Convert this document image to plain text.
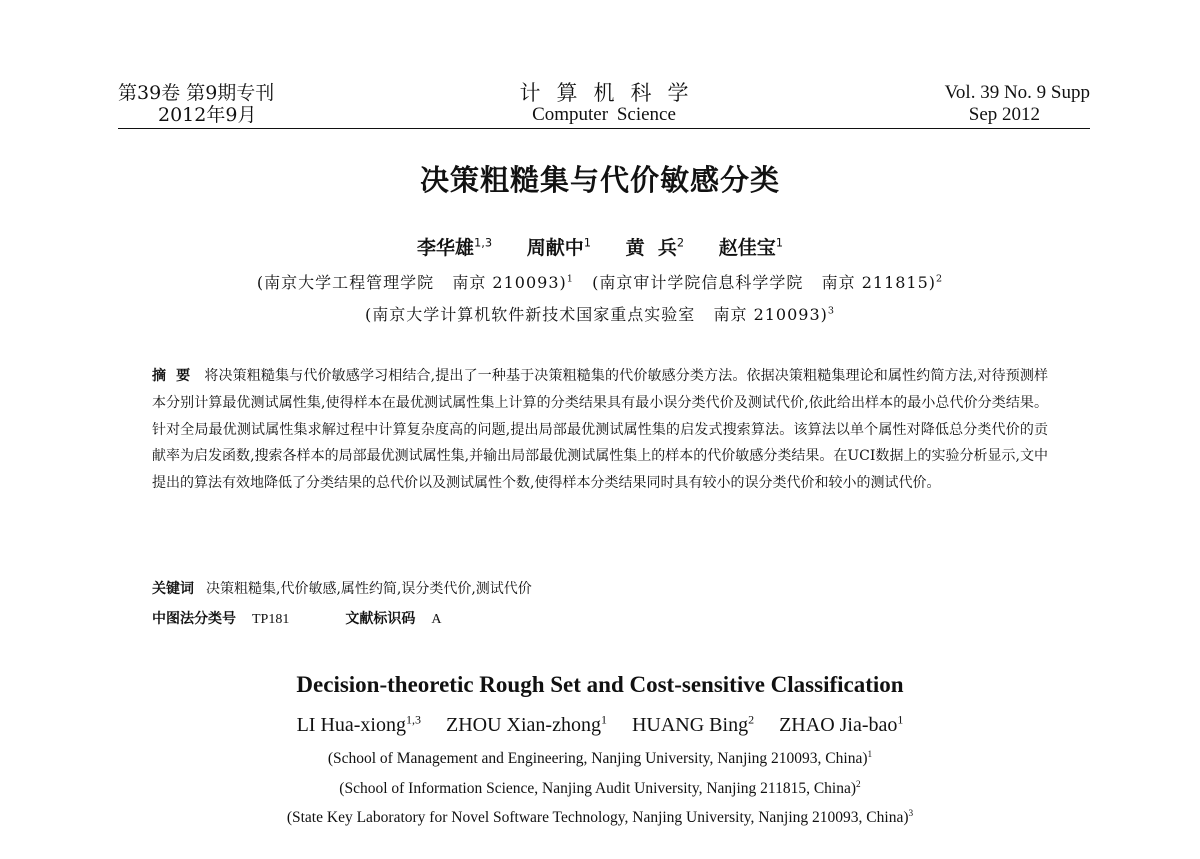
第39卷 第9期专刊
2012年9月
计算机科学
Computer Science
Vol. 39 No. 9 Supp
Sep 2012
决策粗糙集与代价敏感分类
李华雄$^{1,3}$ 周献中$^1$ 黄  兵$^2$ 赵佳宝$^1$
(南京大学工程管理学院   南京 210093)$^1$ (南京审计学院信息科学学院   南京 211815)$^2$
(南京大学计算机软件新技术国家重点实验室   南京 210093)$^3$
摘  要 将决策粗糙集与代价敏感学习相结合,提出了一种基于决策粗糙集的代价敏感分类方法。依据决策粗糙集理论和属性约简方法,对待预测样本分别计算最优测试属性集,使得样本在最优测试属性集上计算的分类结果具有最小误分类代价及测试代价,依此给出样本的最小总代价分类结果。针对全局最优测试属性集求解过程中计算复杂度高的问题,提出局部最优测试属性集的启发式搜索算法。该算法以单个属性对降低总分类代价的贡献率为启发函数,搜索各样本的局部最优测试属性集,并输出局部最优测试属性集上的样本的代价敏感分类结果。在UCI数据上的实验分析显示,文中提出的算法有效地降低了分类结果的总代价以及测试属性个数,使得样本分类结果同时具有较小的误分类代价和较小的测试代价。
关键词 决策粗糙集,代价敏感,属性约简,误分类代价,测试代价
中图法分类号 TP181	文献标识码 A
Decision-theoretic Rough Set and Cost-sensitive Classification
LI Hua-xiong$^{1,3}$ ZHOU Xian-zhong$^1$ HUANG Bing$^2$ ZHAO Jia-bao$^1$
(School of Management and Engineering, Nanjing University, Nanjing 210093, China)$^1$
(School of Information Science, Nanjing Audit University, Nanjing 211815, China)$^2$
(State Key Laboratory for Novel Software Technology, Nanjing University, Nanjing 210093, China)$^3$
